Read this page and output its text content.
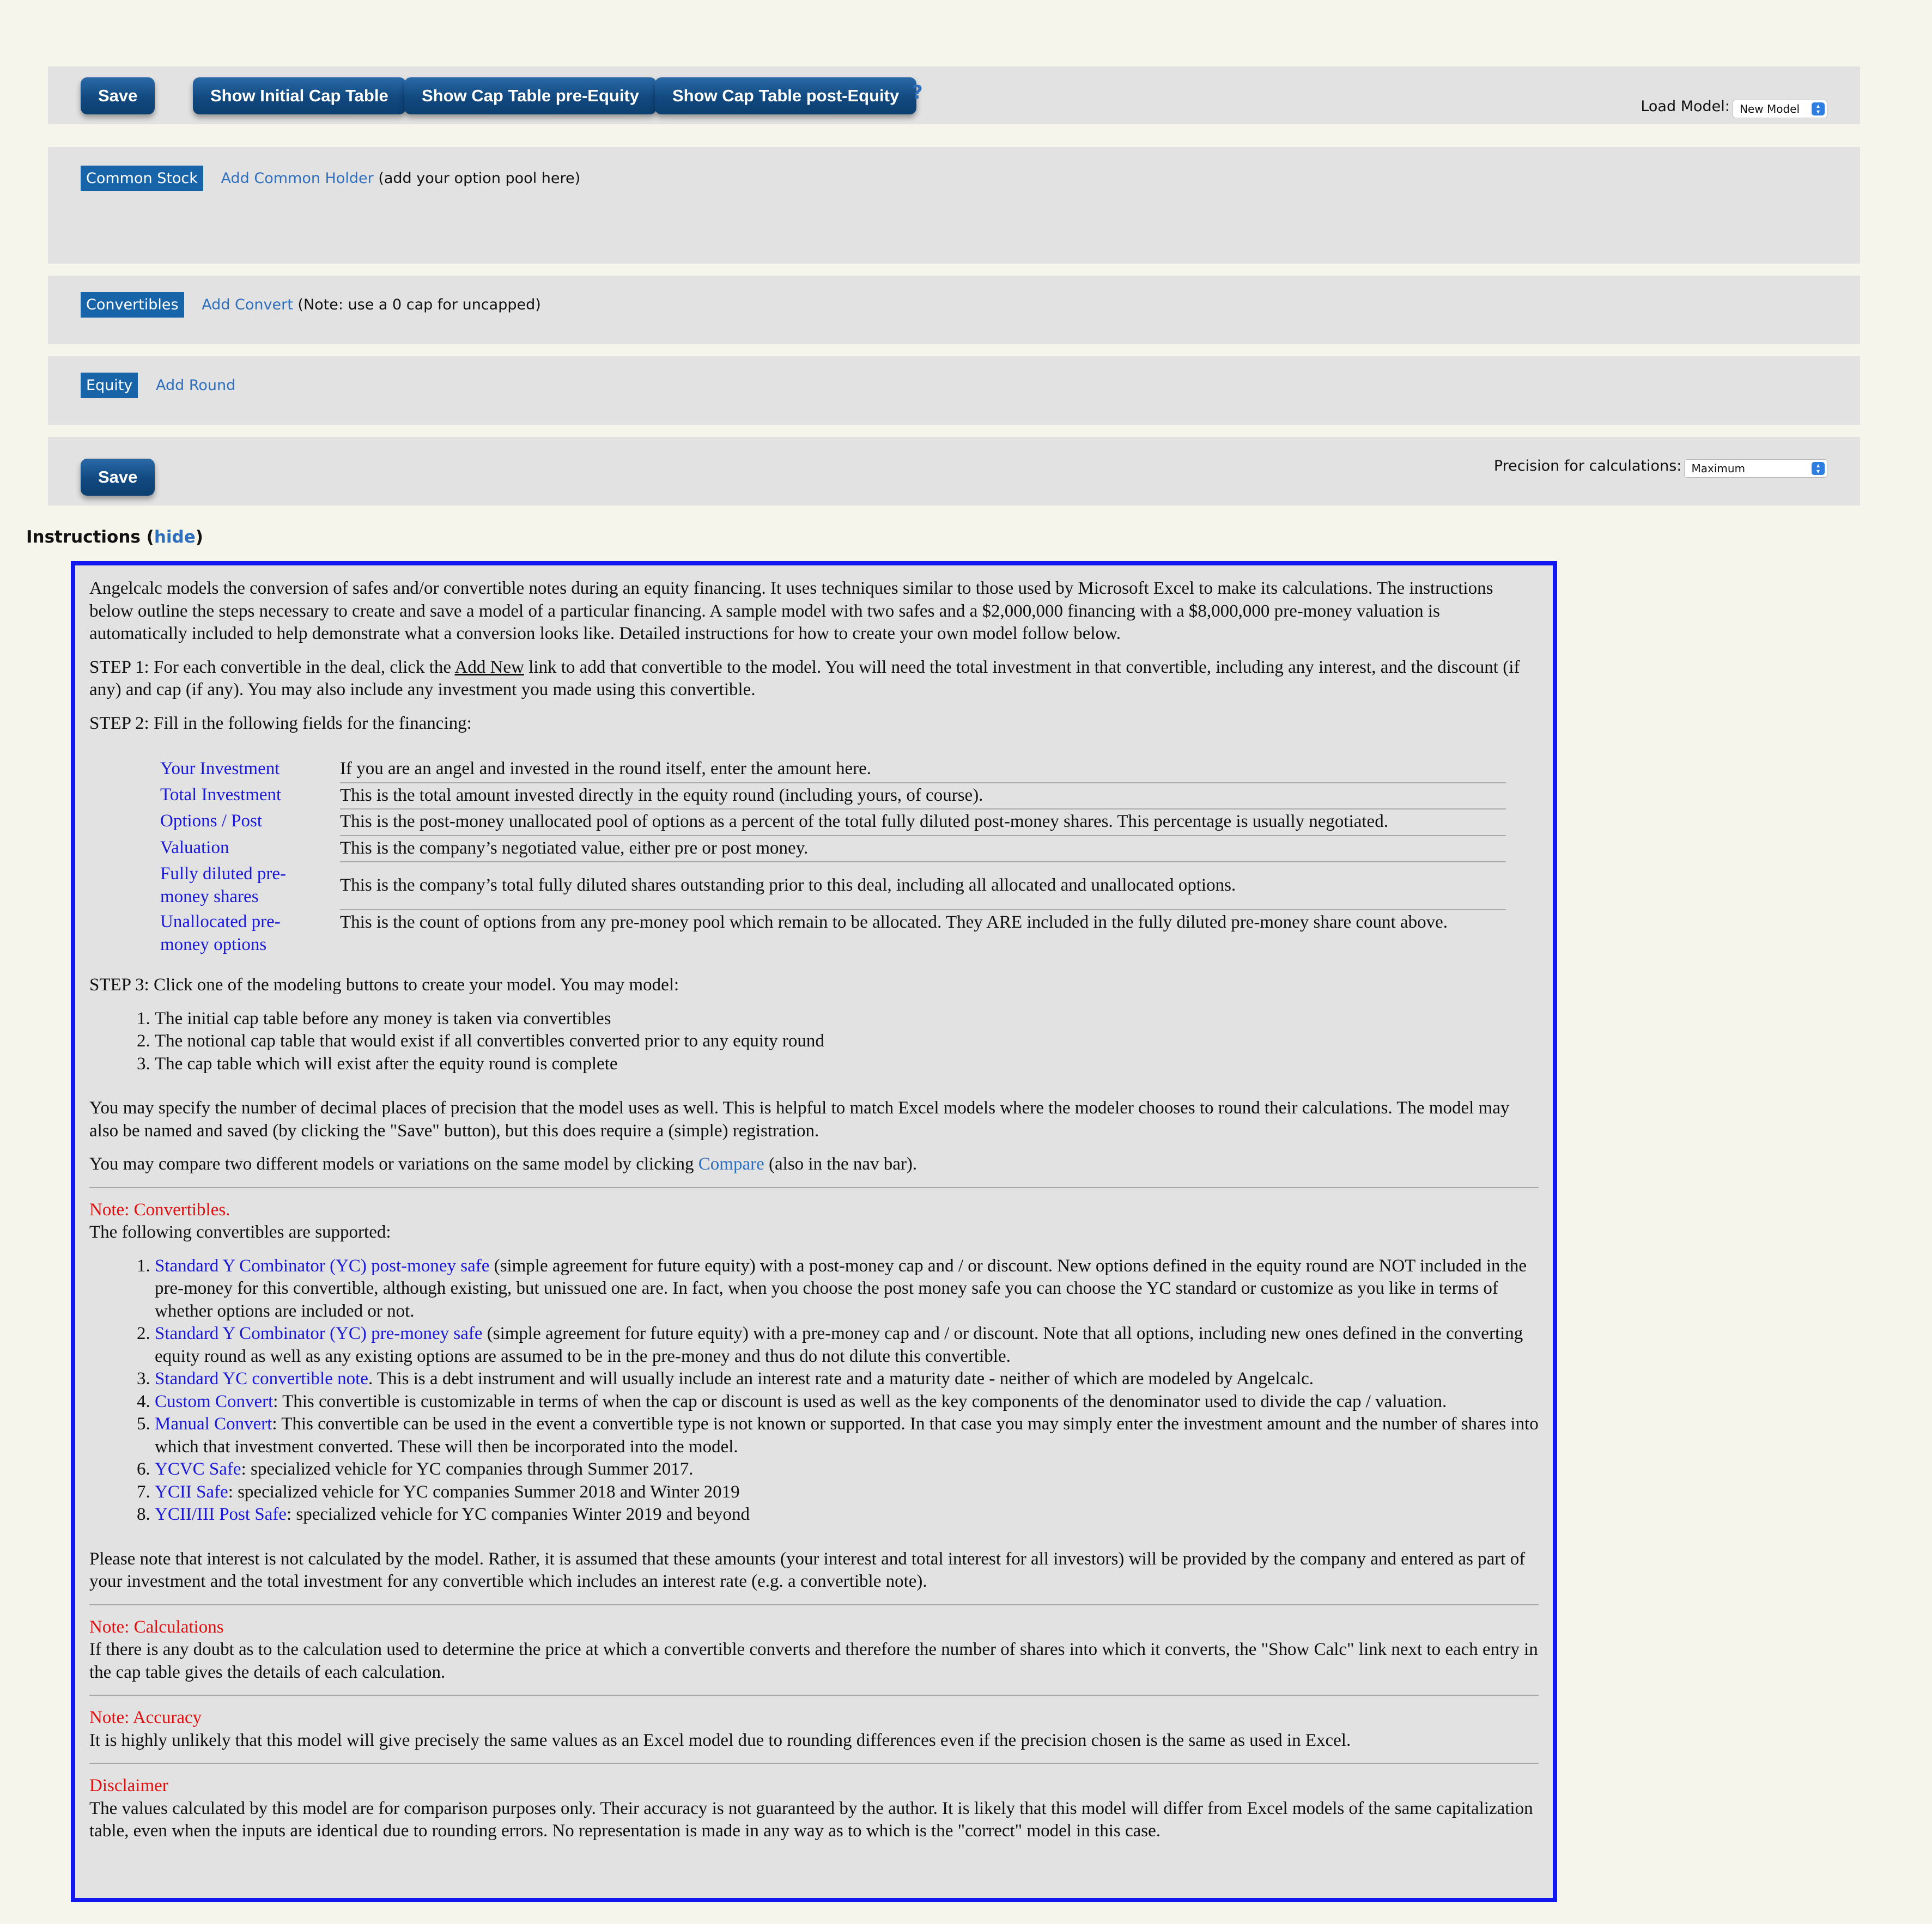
Save	Show Initial Cap Table	Show Cap Table pre-Equity	Show Cap Table post-Equity ?
Load Model: New Model	▴
▾
Common Stock Add Common Holder (add your option pool here)
Convertibles Add Convert (Note: use a 0 cap for uncapped)
Equity Add Round
Save
Precision for calculations: Maximum	▴
▾
Instructions (hide)

Angelcalc models the conversion of safes and/or convertible notes during an equity financing. It uses techniques similar to those used by Microsoft Excel to make its calculations. The instructions below outline the steps necessary to create and save a model of a particular financing. A sample model with two safes and a $2,000,000 financing with a $8,000,000 pre-money valuation is automatically included to help demonstrate what a conversion looks like. Detailed instructions for how to create your own model follow below.

STEP 1: For each convertible in the deal, click the Add New link to add that convertible to the model. You will need the total investment in that convertible, including any interest, and the discount (if any) and cap (if any). You may also include any investment you made using this convertible.

STEP 2: Fill in the following fields for the financing:

Your Investment	If you are an angel and invested in the round itself, enter the amount here.
Total Investment	This is the total amount invested directly in the equity round (including yours, of course).
Options / Post	This is the post-money unallocated pool of options as a percent of the total fully diluted post-money shares. This percentage is usually negotiated.
Valuation	This is the company’s negotiated value, either pre or post money.
Fully diluted pre-money shares	This is the company’s total fully diluted shares outstanding prior to this deal, including all allocated and unallocated options.
Unallocated pre-money options	This is the count of options from any pre-money pool which remain to be allocated. They ARE included in the fully diluted pre-money share count above.

STEP 3: Click one of the modeling buttons to create your model. You may model:

1. The initial cap table before any money is taken via convertibles
2. The notional cap table that would exist if all convertibles converted prior to any equity round
3. The cap table which will exist after the equity round is complete

You may specify the number of decimal places of precision that the model uses as well. This is helpful to match Excel models where the modeler chooses to round their calculations. The model may also be named and saved (by clicking the "Save" button), but this does require a (simple) registration.

You may compare two different models or variations on the same model by clicking Compare (also in the nav bar).

Note: Convertibles.

The following convertibles are supported:

1. Standard Y Combinator (YC) post-money safe (simple agreement for future equity) with a post-money cap and / or discount. New options defined in the equity round are NOT included in the pre-money for this convertible, although existing, but unissued one are. In fact, when you choose the post money safe you can choose the YC standard or customize as you like in terms of whether options are included or not.
2. Standard Y Combinator (YC) pre-money safe (simple agreement for future equity) with a pre-money cap and / or discount. Note that all options, including new ones defined in the converting equity round as well as any existing options are assumed to be in the pre-money and thus do not dilute this convertible.
3. Standard YC convertible note. This is a debt instrument and will usually include an interest rate and a maturity date - neither of which are modeled by Angelcalc.
4. Custom Convert: This convertible is customizable in terms of when the cap or discount is used as well as the key components of the denominator used to divide the cap / valuation.
5. Manual Convert: This convertible can be used in the event a convertible type is not known or supported. In that case you may simply enter the investment amount and the number of shares into which that investment converted. These will then be incorporated into the model.
6. YCVC Safe: specialized vehicle for YC companies through Summer 2017.
7. YCII Safe: specialized vehicle for YC companies Summer 2018 and Winter 2019
8. YCII/III Post Safe: specialized vehicle for YC companies Winter 2019 and beyond

Please note that interest is not calculated by the model. Rather, it is assumed that these amounts (your interest and total interest for all investors) will be provided by the company and entered as part of your investment and the total investment for any convertible which includes an interest rate (e.g. a convertible note).

Note: Calculations

If there is any doubt as to the calculation used to determine the price at which a convertible converts and therefore the number of shares into which it converts, the "Show Calc" link next to each entry in the cap table gives the details of each calculation.

Note: Accuracy

It is highly unlikely that this model will give precisely the same values as an Excel model due to rounding differences even if the precision chosen is the same as used in Excel.

Disclaimer

The values calculated by this model are for comparison purposes only. Their accuracy is not guaranteed by the author. It is likely that this model will differ from Excel models of the same capitalization table, even when the inputs are identical due to rounding errors. No representation is made in any way as to which is the "correct" model in this case.
